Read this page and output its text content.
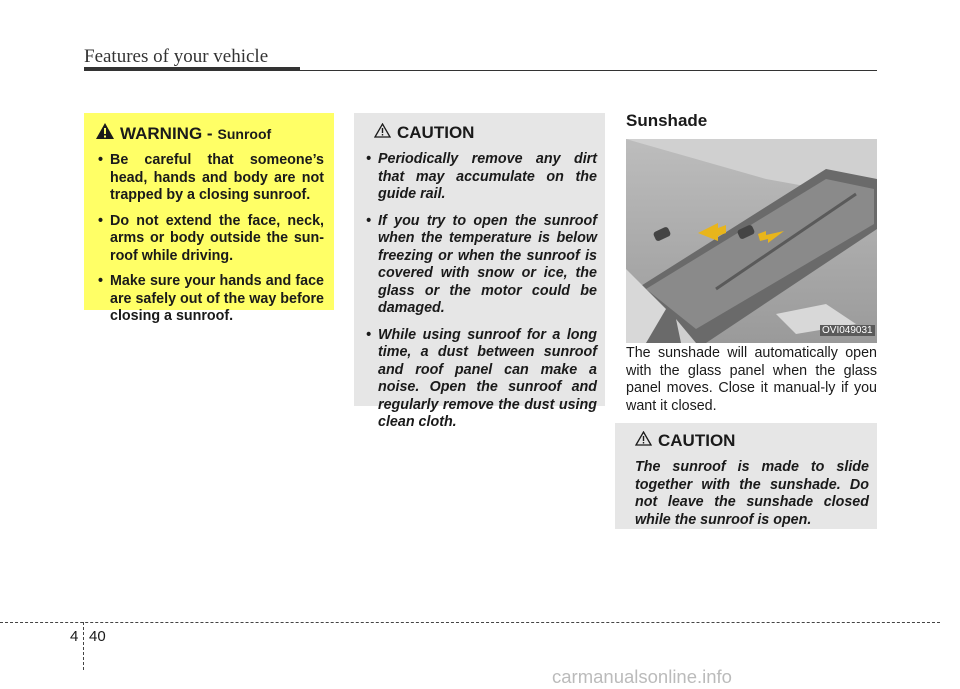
Features of your vehicle
WARNING - Sunroof
• Be careful that someone’s head, hands and body are not trapped by a closing sunroof.
• Do not extend the face, neck, arms or body outside the sun-roof while driving.
• Make sure your hands and face are safely out of the way before closing a sunroof.
CAUTION
• Periodically remove any dirt that may accumulate on the guide rail.
• If you try to open the sunroof when the temperature is below freezing or when the sunroof is covered with snow or ice, the glass or the motor could be damaged.
• While using sunroof for a long time, a dust between sunroof and roof panel can make a noise. Open the sunroof and regularly remove the dust using clean cloth.
Sunshade
OVI049031
The sunshade will automatically open with the glass panel when the glass panel moves. Close it manual-ly if you want it closed.
CAUTION
The sunroof is made to slide together with the sunshade. Do not leave the sunshade closed while the sunroof is open.
4 40
carmanualsonline.info
